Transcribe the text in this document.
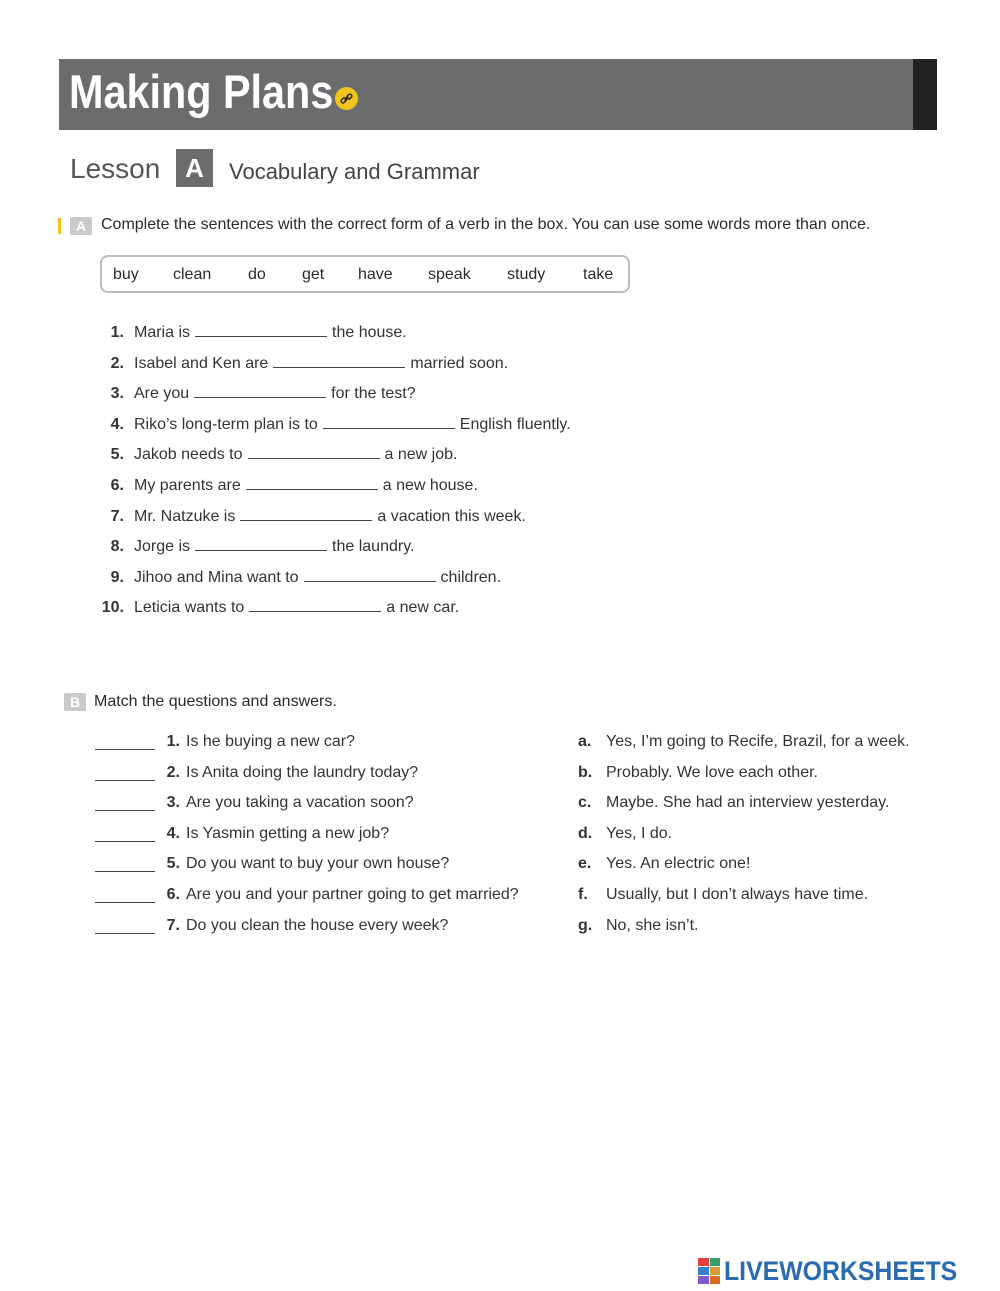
Making Plans
Lesson A	Vocabulary and Grammar
A Complete the sentences with the correct form of a verb in the box. You can use some words more than once.
buy clean do get have speak study take
1. Maria is	the house.
2. Isabel and Ken are	married soon.
3. Are you	for the test?
4. Riko’s long-term plan is to	English fluently.
5. Jakob needs to	a new job.
6. My parents are	a new house.
7. Mr. Natzuke is	a vacation this week.
8. Jorge is	the laundry.
9. Jihoo and Mina want to	children.
10. Leticia wants to	a new car.
B Match the questions and answers.
1. Is he buying a new car?
2. Is Anita doing the laundry today?
3. Are you taking a vacation soon?
4. Is Yasmin getting a new job?
5. Do you want to buy your own house?
6. Are you and your partner going to get married?
7. Do you clean the house every week?
a. Yes, I’m going to Recife, Brazil, for a week.
b. Probably. We love each other.
c. Maybe. She had an interview yesterday.
d. Yes, I do.
e. Yes. An electric one!
f.	Usually, but I don’t always have time.
g. No, she isn’t.
LIVEWORKSHEETS
